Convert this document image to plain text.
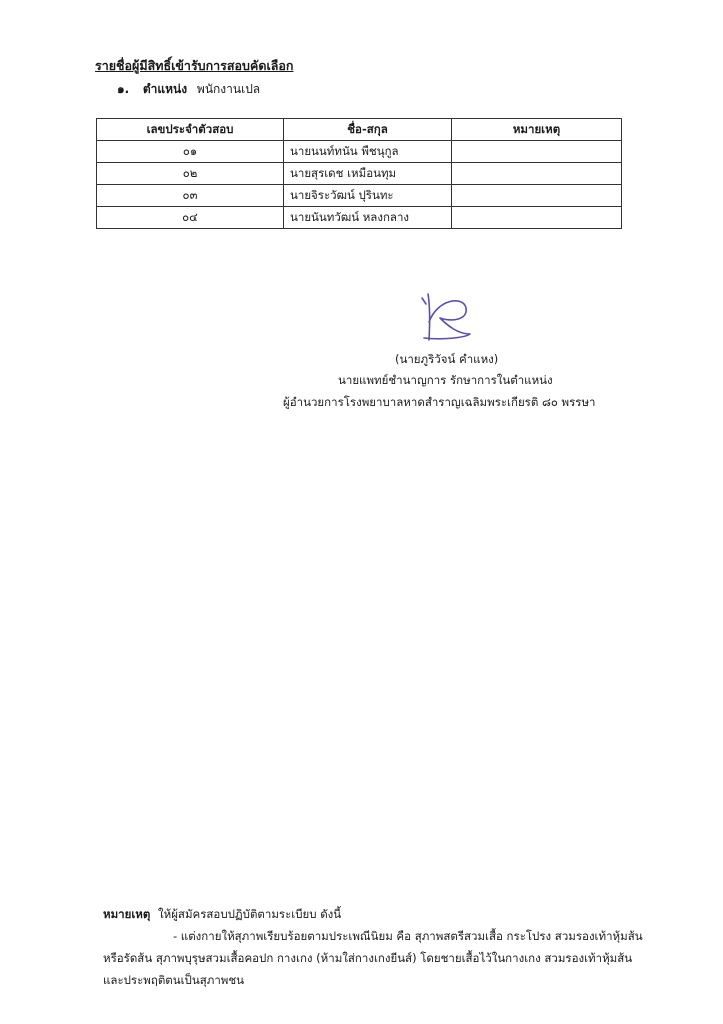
รายชื่อผู้มีสิทธิ์เข้ารับการสอบคัดเลือก
๑. ตำแหน่ง พนักงานเปล
เลขประจำตัวสอบ	ชื่อ-สกุล	หมายเหตุ
๐๑	นายนนท์ทนัน พืชนุกูล	
๐๒	นายสุรเดช เหมือนทุม	
๐๓	นายจิระวัฒน์ ปุรินทะ	
๐๔	นายนันทวัฒน์ หลงกลาง	
(นายภูริวัจน์ คำแหง)
นายแพทย์ชำนาญการ รักษาการในตำแหน่ง
ผู้อำนวยการโรงพยาบาลหาดสำราญเฉลิมพระเกียรติ ๘๐ พรรษา
หมายเหตุ ให้ผู้สมัครสอบปฏิบัติตามระเบียบ ดังนี้
- แต่งกายให้สุภาพเรียบร้อยตามประเพณีนิยม คือ สุภาพสตรีสวมเสื้อ กระโปรง สวมรองเท้าหุ้มส้น
หรือรัดส้น สุภาพบุรุษสวมเสื้อคอปก กางเกง (ห้ามใส่กางเกงยีนส์) โดยชายเสื้อไว้ในกางเกง สวมรองเท้าหุ้มส้น
และประพฤติตนเป็นสุภาพชน
